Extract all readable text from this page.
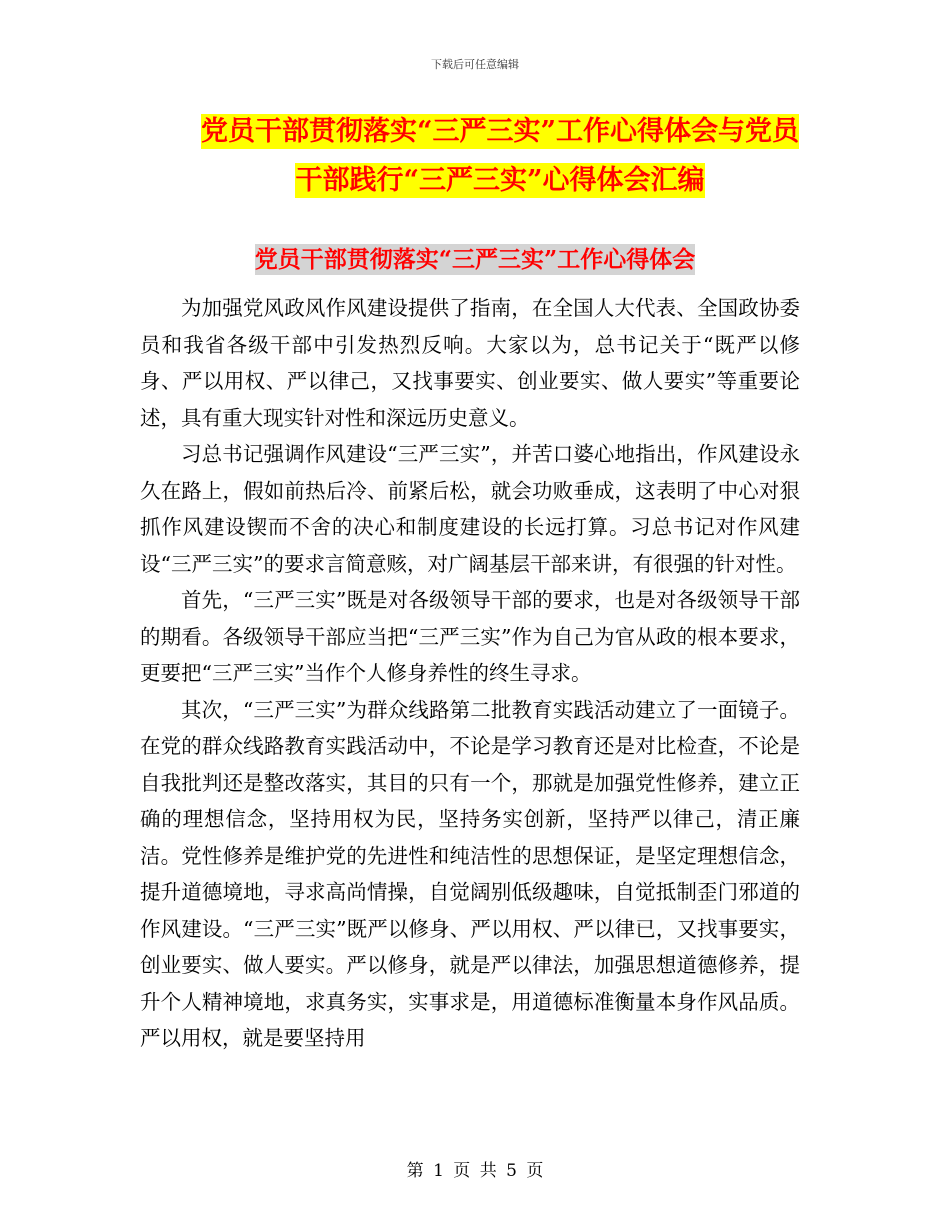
下载后可任意编辑
党员干部贯彻落实“三严三实”工作心得体会与党员
干部践行“三严三实”心得体会汇编
党员干部贯彻落实“三严三实”工作心得体会

为加强党风政风作风建设提供了指南，在全国人大代表、全国政协委员和我省各级干部中引发热烈反响。大家以为，总书记关于“既严以修身、严以用权、严以律己，又找事要实、创业要实、做人要实”等重要论述，具有重大现实针对性和深远历史意义。

习总书记强调作风建设“三严三实”，并苦口婆心地指出，作风建设永久在路上，假如前热后冷、前紧后松，就会功败垂成，这表明了中心对狠抓作风建设锲而不舍的决心和制度建设的长远打算。习总书记对作风建设“三严三实”的要求言简意赅，对广阔基层干部来讲，有很强的针对性。

首先，“三严三实”既是对各级领导干部的要求，也是对各级领导干部的期看。各级领导干部应当把“三严三实”作为自己为官从政的根本要求，更要把“三严三实”当作个人修身养性的终生寻求。

其次，“三严三实”为群众线路第二批教育实践活动建立了一面镜子。在党的群众线路教育实践活动中，不论是学习教育还是对比检查，不论是自我批判还是整改落实，其目的只有一个，那就是加强党性修养，建立正确的理想信念，坚持用权为民，坚持务实创新，坚持严以律己，清正廉洁。党性修养是维护党的先进性和纯洁性的思想保证，是坚定理想信念，提升道德境地，寻求高尚情操，自觉阔别低级趣味，自觉抵制歪门邪道的作风建设。“三严三实”既严以修身、严以用权、严以律已，又找事要实，创业要实、做人要实。严以修身，就是严以律法，加强思想道德修养，提升个人精神境地，求真务实，实事求是，用道德标准衡量本身作风品质。严以用权，就是要坚持用

第 1 页 共 5 页
